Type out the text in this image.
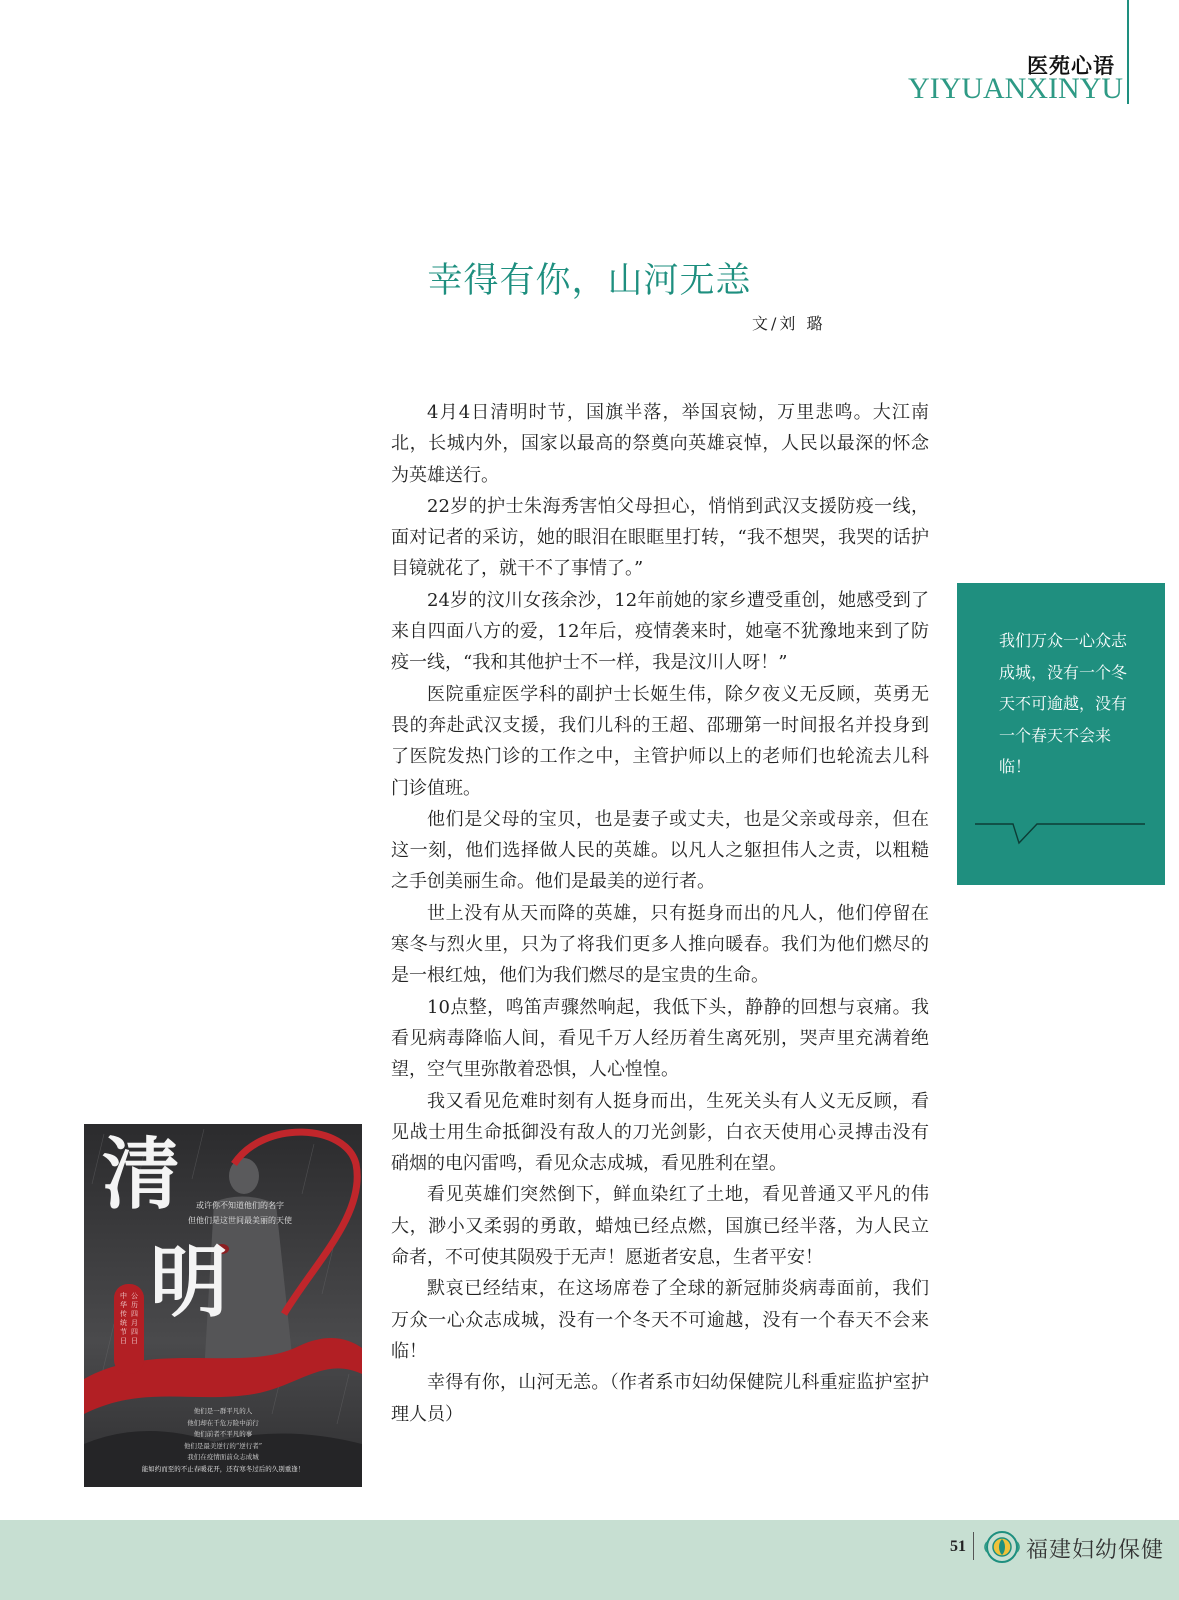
医苑心语
YIYUANXINYU
幸得有你，山河无恙
文/刘 璐

4月4日清明时节，国旗半落，举国哀恸，万里悲鸣。大江南北，长城内外，国家以最高的祭奠向英雄哀悼，人民以最深的怀念为英雄送行。

22岁的护士朱海秀害怕父母担心，悄悄到武汉支援防疫一线，面对记者的采访，她的眼泪在眼眶里打转，“我不想哭，我哭的话护目镜就花了，就干不了事情了。”

24岁的汶川女孩余沙，12年前她的家乡遭受重创，她感受到了来自四面八方的爱，12年后，疫情袭来时，她毫不犹豫地来到了防疫一线，“我和其他护士不一样，我是汶川人呀！”

医院重症医学科的副护士长姬生伟，除夕夜义无反顾，英勇无畏的奔赴武汉支援，我们儿科的王超、邵珊第一时间报名并投身到了医院发热门诊的工作之中，主管护师以上的老师们也轮流去儿科门诊值班。

他们是父母的宝贝，也是妻子或丈夫，也是父亲或母亲，但在这一刻，他们选择做人民的英雄。以凡人之躯担伟人之责，以粗糙之手创美丽生命。他们是最美的逆行者。

世上没有从天而降的英雄，只有挺身而出的凡人，他们停留在寒冬与烈火里，只为了将我们更多人推向暖春。我们为他们燃尽的是一根红烛，他们为我们燃尽的是宝贵的生命。

10点整，鸣笛声骤然响起，我低下头，静静的回想与哀痛。我看见病毒降临人间，看见千万人经历着生离死别，哭声里充满着绝望，空气里弥散着恐惧，人心惶惶。

我又看见危难时刻有人挺身而出，生死关头有人义无反顾，看见战士用生命抵御没有敌人的刀光剑影，白衣天使用心灵搏击没有硝烟的电闪雷鸣，看见众志成城，看见胜利在望。

看见英雄们突然倒下，鲜血染红了土地，看见普通又平凡的伟大，渺小又柔弱的勇敢，蜡烛已经点燃，国旗已经半落，为人民立命者，不可使其陨殁于无声！愿逝者安息，生者平安！

默哀已经结束，在这场席卷了全球的新冠肺炎病毒面前，我们万众一心众志成城，没有一个冬天不可逾越，没有一个春天不会来临！

幸得有你，山河无恙。（作者系市妇幼保健院儿科重症监护室护理人员）

我们万众一心众志成城，没有一个冬天不可逾越，没有一个春天不会来临！
清
明
或许你不知道他们的名字
但他们是这世间最美丽的天使
中华传统节日
公历四月四日
他们是一群平凡的人
他们却在千危万险中前行
他们前者不平凡的事
他们是最美逆行的“逆行者”
我们在疫情面前众志成城
能如约而至的不止春暖花开，还有寒冬过后的久别重逢！
51	福建妇幼保健
